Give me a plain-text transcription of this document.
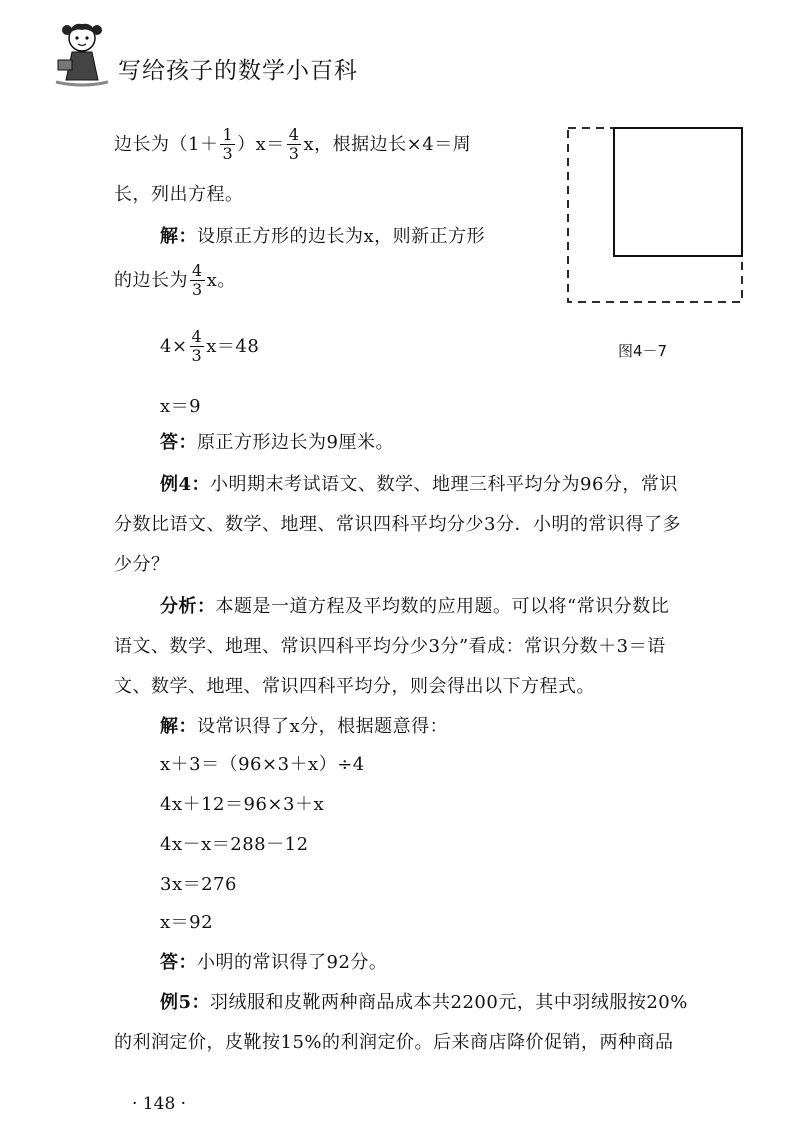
写给孩子的数学小百科
边长为$(1+ \frac{1}{3} )x= \frac{4}{3}$ x，根据边长×4＝周
长，列出方程。
解：设原正方形的边长为x，则新正方形
的边长为 $\frac{4}{3}$ x。
$4\times \frac{4}{3} x=48$
x＝9
答：原正方形边长为9厘米。
图4－7
例4：小明期末考试语文、数学、地理三科平均分为96分，常识
分数比语文、数学、地理、常识四科平均分少3分．小明的常识得了多
少分？
分析：本题是一道方程及平均数的应用题。可以将“常识分数比
语文、数学、地理、常识四科平均分少3分”看成：常识分数＋3＝语
文、数学、地理、常识四科平均分，则会得出以下方程式。
解：设常识得了x分，根据题意得：
x＋3＝（96×3＋x）÷4
4x＋12＝96×3＋x
4x－x＝288－12
3x＝276
x＝92
答：小明的常识得了92分。
例5：羽绒服和皮靴两种商品成本共2200元，其中羽绒服按20%
的利润定价，皮靴按15%的利润定价。后来商店降价促销，两种商品
· 148 ·
